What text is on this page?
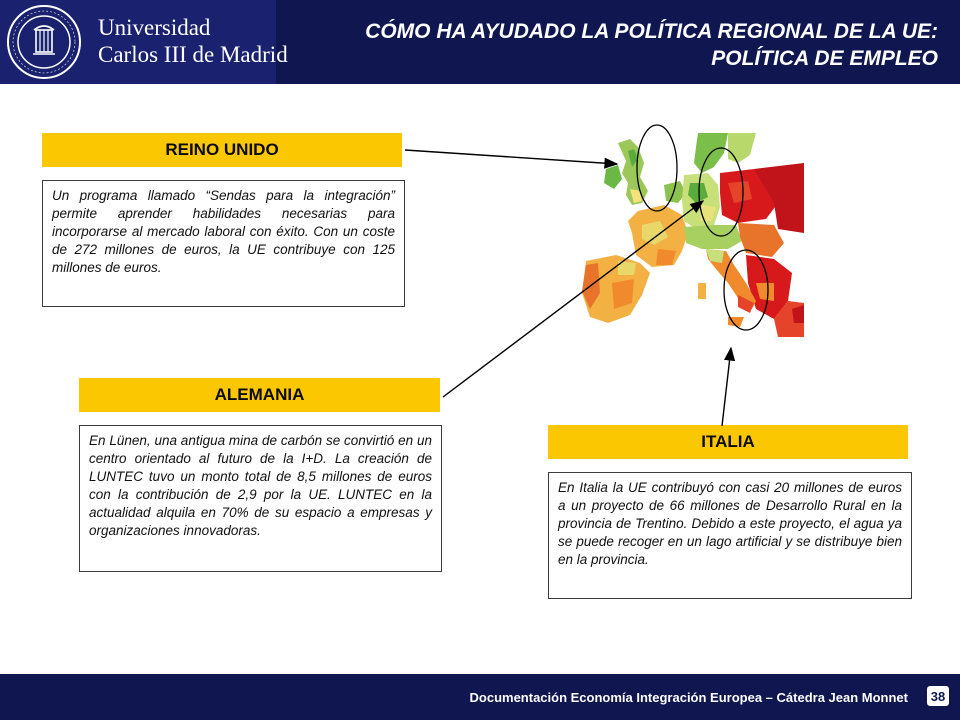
Universidad
Carlos III de Madrid
CÓMO HA AYUDADO LA POLÍTICA REGIONAL DE LA UE:
POLÍTICA DE EMPLEO
REINO UNIDO
Un programa llamado “Sendas para la integración” permite aprender habilidades necesarias para incorporarse al mercado laboral con éxito. Con un coste de 272 millones de euros, la UE contribuye con 125 millones de euros.
ALEMANIA
En Lünen, una antigua mina de carbón se convirtió en un centro orientado al futuro de la I+D. La creación de LUNTEC tuvo un monto total de 8,5 millones de euros con la contribución de 2,9 por la UE. LUNTEC en la actualidad alquila en 70% de su espacio a empresas y organizaciones innovadoras.
ITALIA
En Italia la UE contribuyó con casi 20 millones de euros a un proyecto de 66 millones de Desarrollo Rural en la provincia de Trentino. Debido a este proyecto, el agua ya se puede recoger en un lago artificial y se distribuye bien en la provincia.
Documentación Economía Integración Europea – Cátedra Jean Monnet	38
